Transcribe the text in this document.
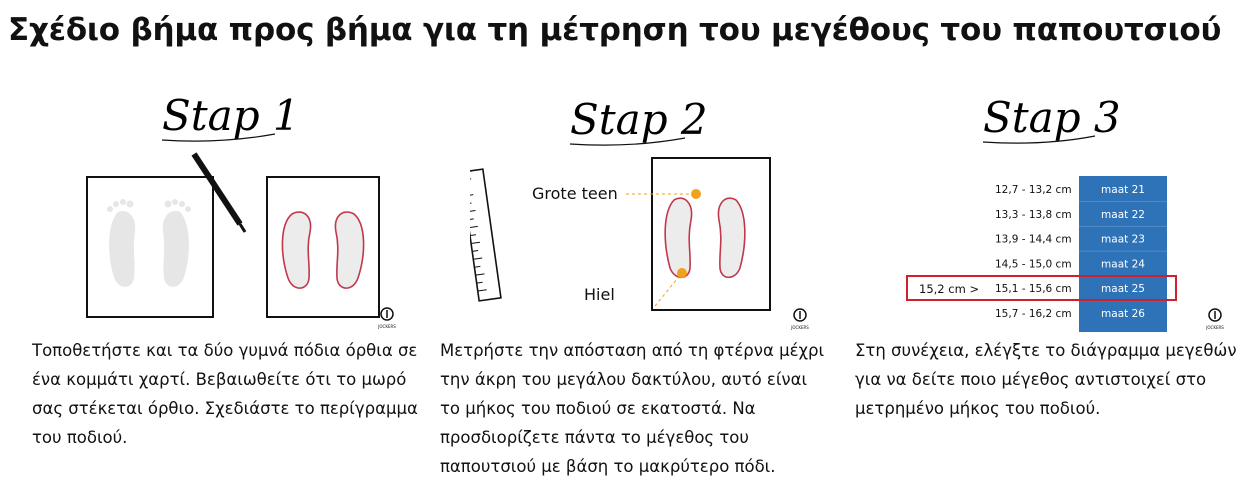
Σχέδιο βήμα προς βήμα για τη μέτρηση του μεγέθους του παπουτσιού
Stap 1
JOCKERS

Τοποθετήστε και τα δύο γυμνά πόδια όρθια σε ένα κομμάτι χαρτί. Βεβαιωθείτε ότι το μωρό σας στέκεται όρθιο. Σχεδιάστε το περίγραμμα του ποδιού.

Stap 2
Grote teen
Hiel
JOCKERS

Μετρήστε την απόσταση από τη φτέρνα μέχρι την άκρη του μεγάλου δακτύλου, αυτό είναι το μήκος του ποδιού σε εκατοστά. Να προσδιορίζετε πάντα το μέγεθος του παπουτσιού με βάση το μακρύτερο πόδι.

Stap 3
12,7 - 13,2 cm	maat 21
13,3 - 13,8 cm	maat 22
13,9 - 14,4 cm	maat 23
14,5 - 15,0 cm	maat 24
15,1 - 15,6 cm	maat 25
15,7 - 16,2 cm	maat 26
15,2 cm >
JOCKERS

Στη συνέχεια, ελέγξτε το διάγραμμα μεγεθών για να δείτε ποιο μέγεθος αντιστοιχεί στο μετρημένο μήκος του ποδιού.
